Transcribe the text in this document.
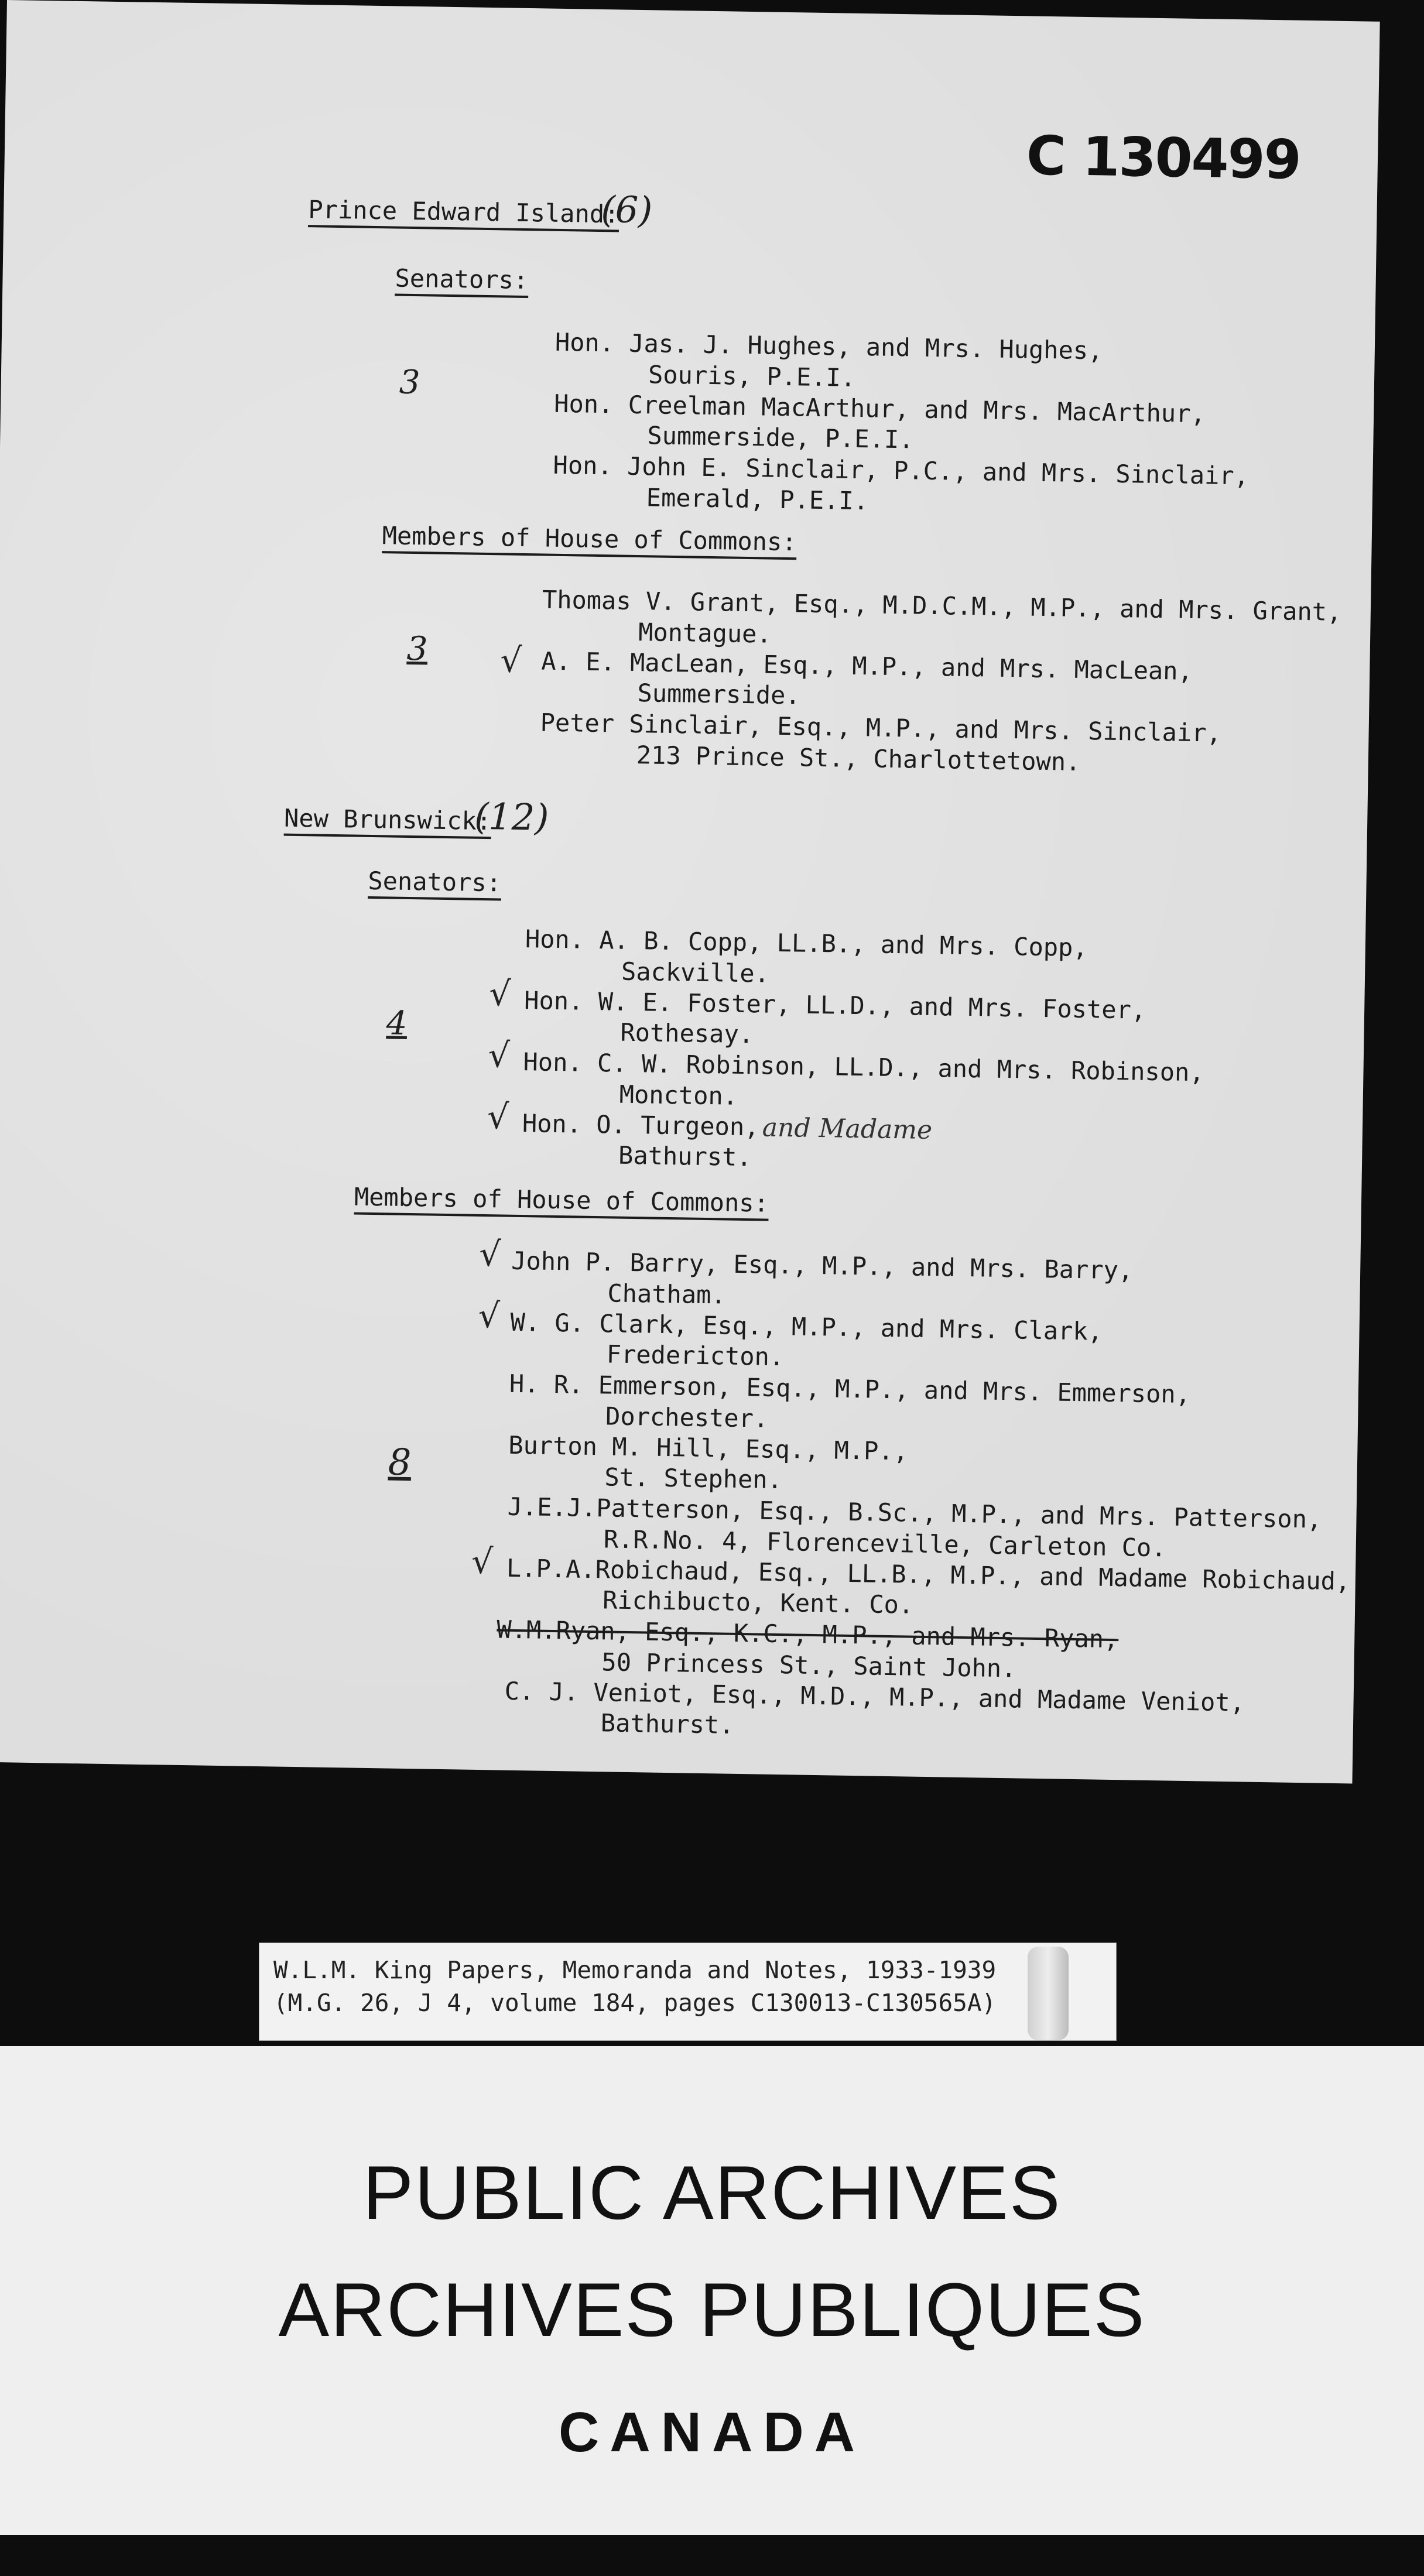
C 130499
Prince Edward Island:
(6)
Senators:
3
Hon. Jas. J. Hughes, and Mrs. Hughes,
Souris, P.E.I.
Hon. Creelman MacArthur, and Mrs. MacArthur,
Summerside, P.E.I.
Hon. John E. Sinclair, P.C., and Mrs. Sinclair,
Emerald, P.E.I.
Members of House of Commons:
3 √
Thomas V. Grant, Esq., M.D.C.M., M.P., and Mrs. Grant,
Montague.
A. E. MacLean, Esq., M.P., and Mrs. MacLean,
Summerside.
Peter Sinclair, Esq., M.P., and Mrs. Sinclair,
213 Prince St., Charlottetown.
New Brunswick:
(12)
Senators:
4
Hon. A. B. Copp, LL.B., and Mrs. Copp,
Sackville.
√ Hon. W. E. Foster, LL.D., and Mrs. Foster,
Rothesay.
√ Hon. C. W. Robinson, LL.D., and Mrs. Robinson,
Moncton.
√ Hon. O. Turgeon, and Madame
Bathurst.
Members of House of Commons:
√ John P. Barry, Esq., M.P., and Mrs. Barry,
Chatham.
√ W. G. Clark, Esq., M.P., and Mrs. Clark,
Fredericton.
H. R. Emmerson, Esq., M.P., and Mrs. Emmerson,
Dorchester.
8	Burton M. Hill, Esq., M.P.,
St. Stephen.
J.E.J.Patterson, Esq., B.Sc., M.P., and Mrs. Patterson,
R.R.No. 4, Florenceville, Carleton Co.
√ L.P.A.Robichaud, Esq., LL.B., M.P., and Madame Robichaud,
Richibucto, Kent. Co.
W.M.Ryan, Esq., K.C., M.P., and Mrs. Ryan,
50 Princess St., Saint John.
C. J. Veniot, Esq., M.D., M.P., and Madame Veniot,
Bathurst.
W.L.M. King Papers, Memoranda and Notes, 1933-1939
(M.G. 26, J 4, volume 184, pages C130013-C130565A)
PUBLIC ARCHIVES
ARCHIVES PUBLIQUES
CANADA
